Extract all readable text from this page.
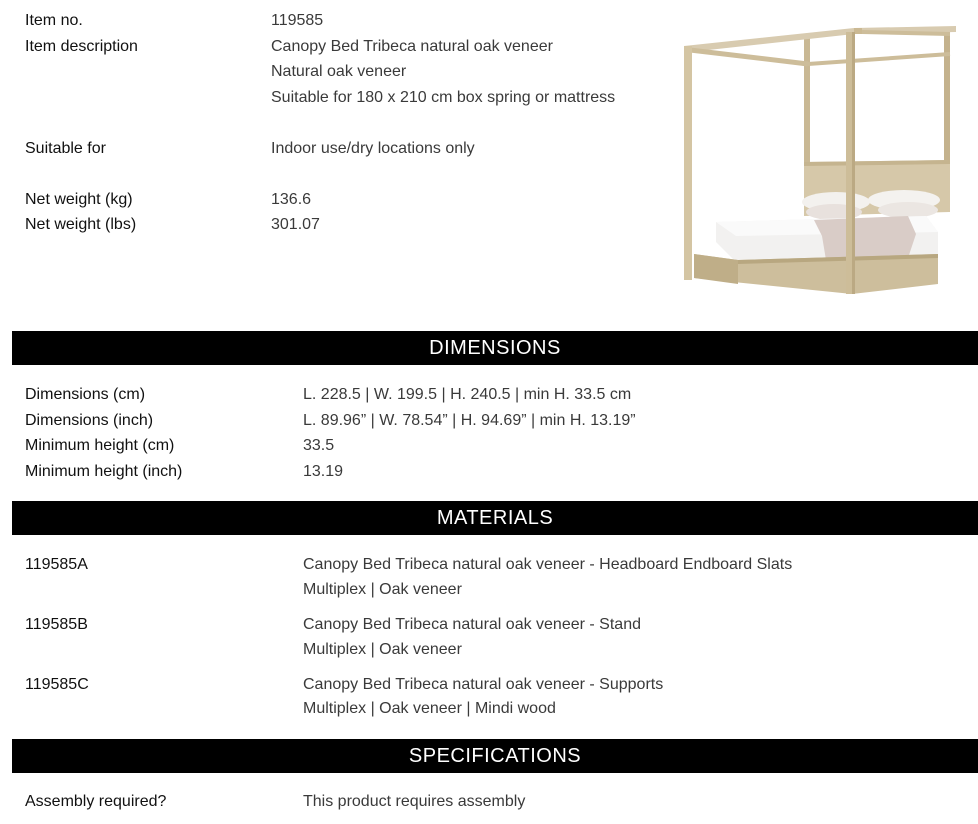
Item no.	119585
Item description	Canopy Bed Tribeca natural oak veneer
Natural oak veneer
Suitable for 180 x 210 cm box spring or mattress
Suitable for	Indoor use/dry locations only
Net weight (kg)	136.6
Net weight (lbs)	301.07
DIMENSIONS
Dimensions (cm)	L. 228.5 | W. 199.5 | H. 240.5 | min H. 33.5 cm
Dimensions (inch)	L. 89.96” | W. 78.54” | H. 94.69” | min H. 13.19”
Minimum height (cm)	33.5
Minimum height (inch)	13.19
MATERIALS
119585A	Canopy Bed Tribeca natural oak veneer - Headboard Endboard Slats
Multiplex | Oak veneer
119585B	Canopy Bed Tribeca natural oak veneer - Stand
Multiplex | Oak veneer
119585C	Canopy Bed Tribeca natural oak veneer - Supports
Multiplex | Oak veneer | Mindi wood
SPECIFICATIONS
Assembly required?	This product requires assembly
